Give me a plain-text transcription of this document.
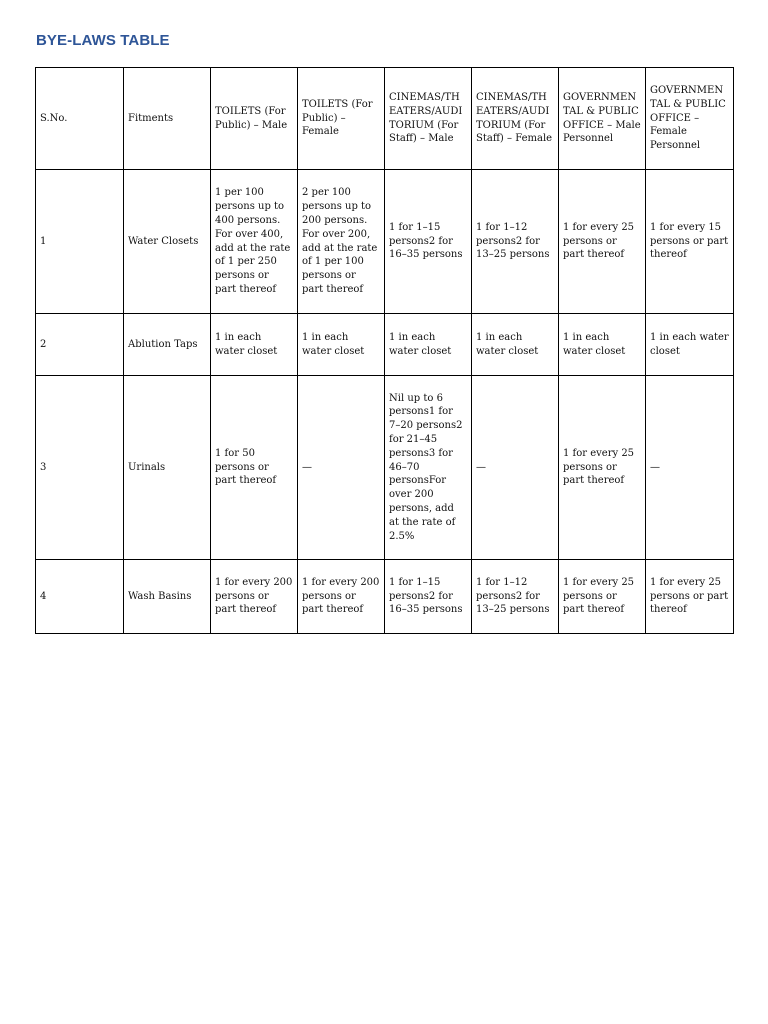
BYE-LAWS TABLE
S.No.	Fitments	TOILETS (For Public) – Male	TOILETS (For Public) – Female	CINEMAS/THEATERS/AUDITORIUM (For Staff) – Male	CINEMAS/THEATERS/AUDITORIUM (For Staff) – Female	GOVERNMENTAL & PUBLIC OFFICE – Male Personnel	GOVERNMENTAL & PUBLIC OFFICE – Female Personnel
1	Water Closets	1 per 100 persons up to 400 persons. For over 400, add at the rate of 1 per 250 persons or part thereof	2 per 100 persons up to 200 persons. For over 200, add at the rate of 1 per 100 persons or part thereof	1 for 1–15 persons2 for 16–35 persons	1 for 1–12 persons2 for 13–25 persons	1 for every 25 persons or part thereof	1 for every 15 persons or part thereof
2	Ablution Taps	1 in each water closet	1 in each water closet	1 in each water closet	1 in each water closet	1 in each water closet	1 in each water closet
3	Urinals	1 for 50 persons or part thereof	—	Nil up to 6 persons1 for 7–20 persons2 for 21–45 persons3 for 46–70 personsFor over 200 persons, add at the rate of 2.5%	—	1 for every 25 persons or part thereof	—
4	Wash Basins	1 for every 200 persons or part thereof	1 for every 200 persons or part thereof	1 for 1–15 persons2 for 16–35 persons	1 for 1–12 persons2 for 13–25 persons	1 for every 25 persons or part thereof	1 for every 25 persons or part thereof
